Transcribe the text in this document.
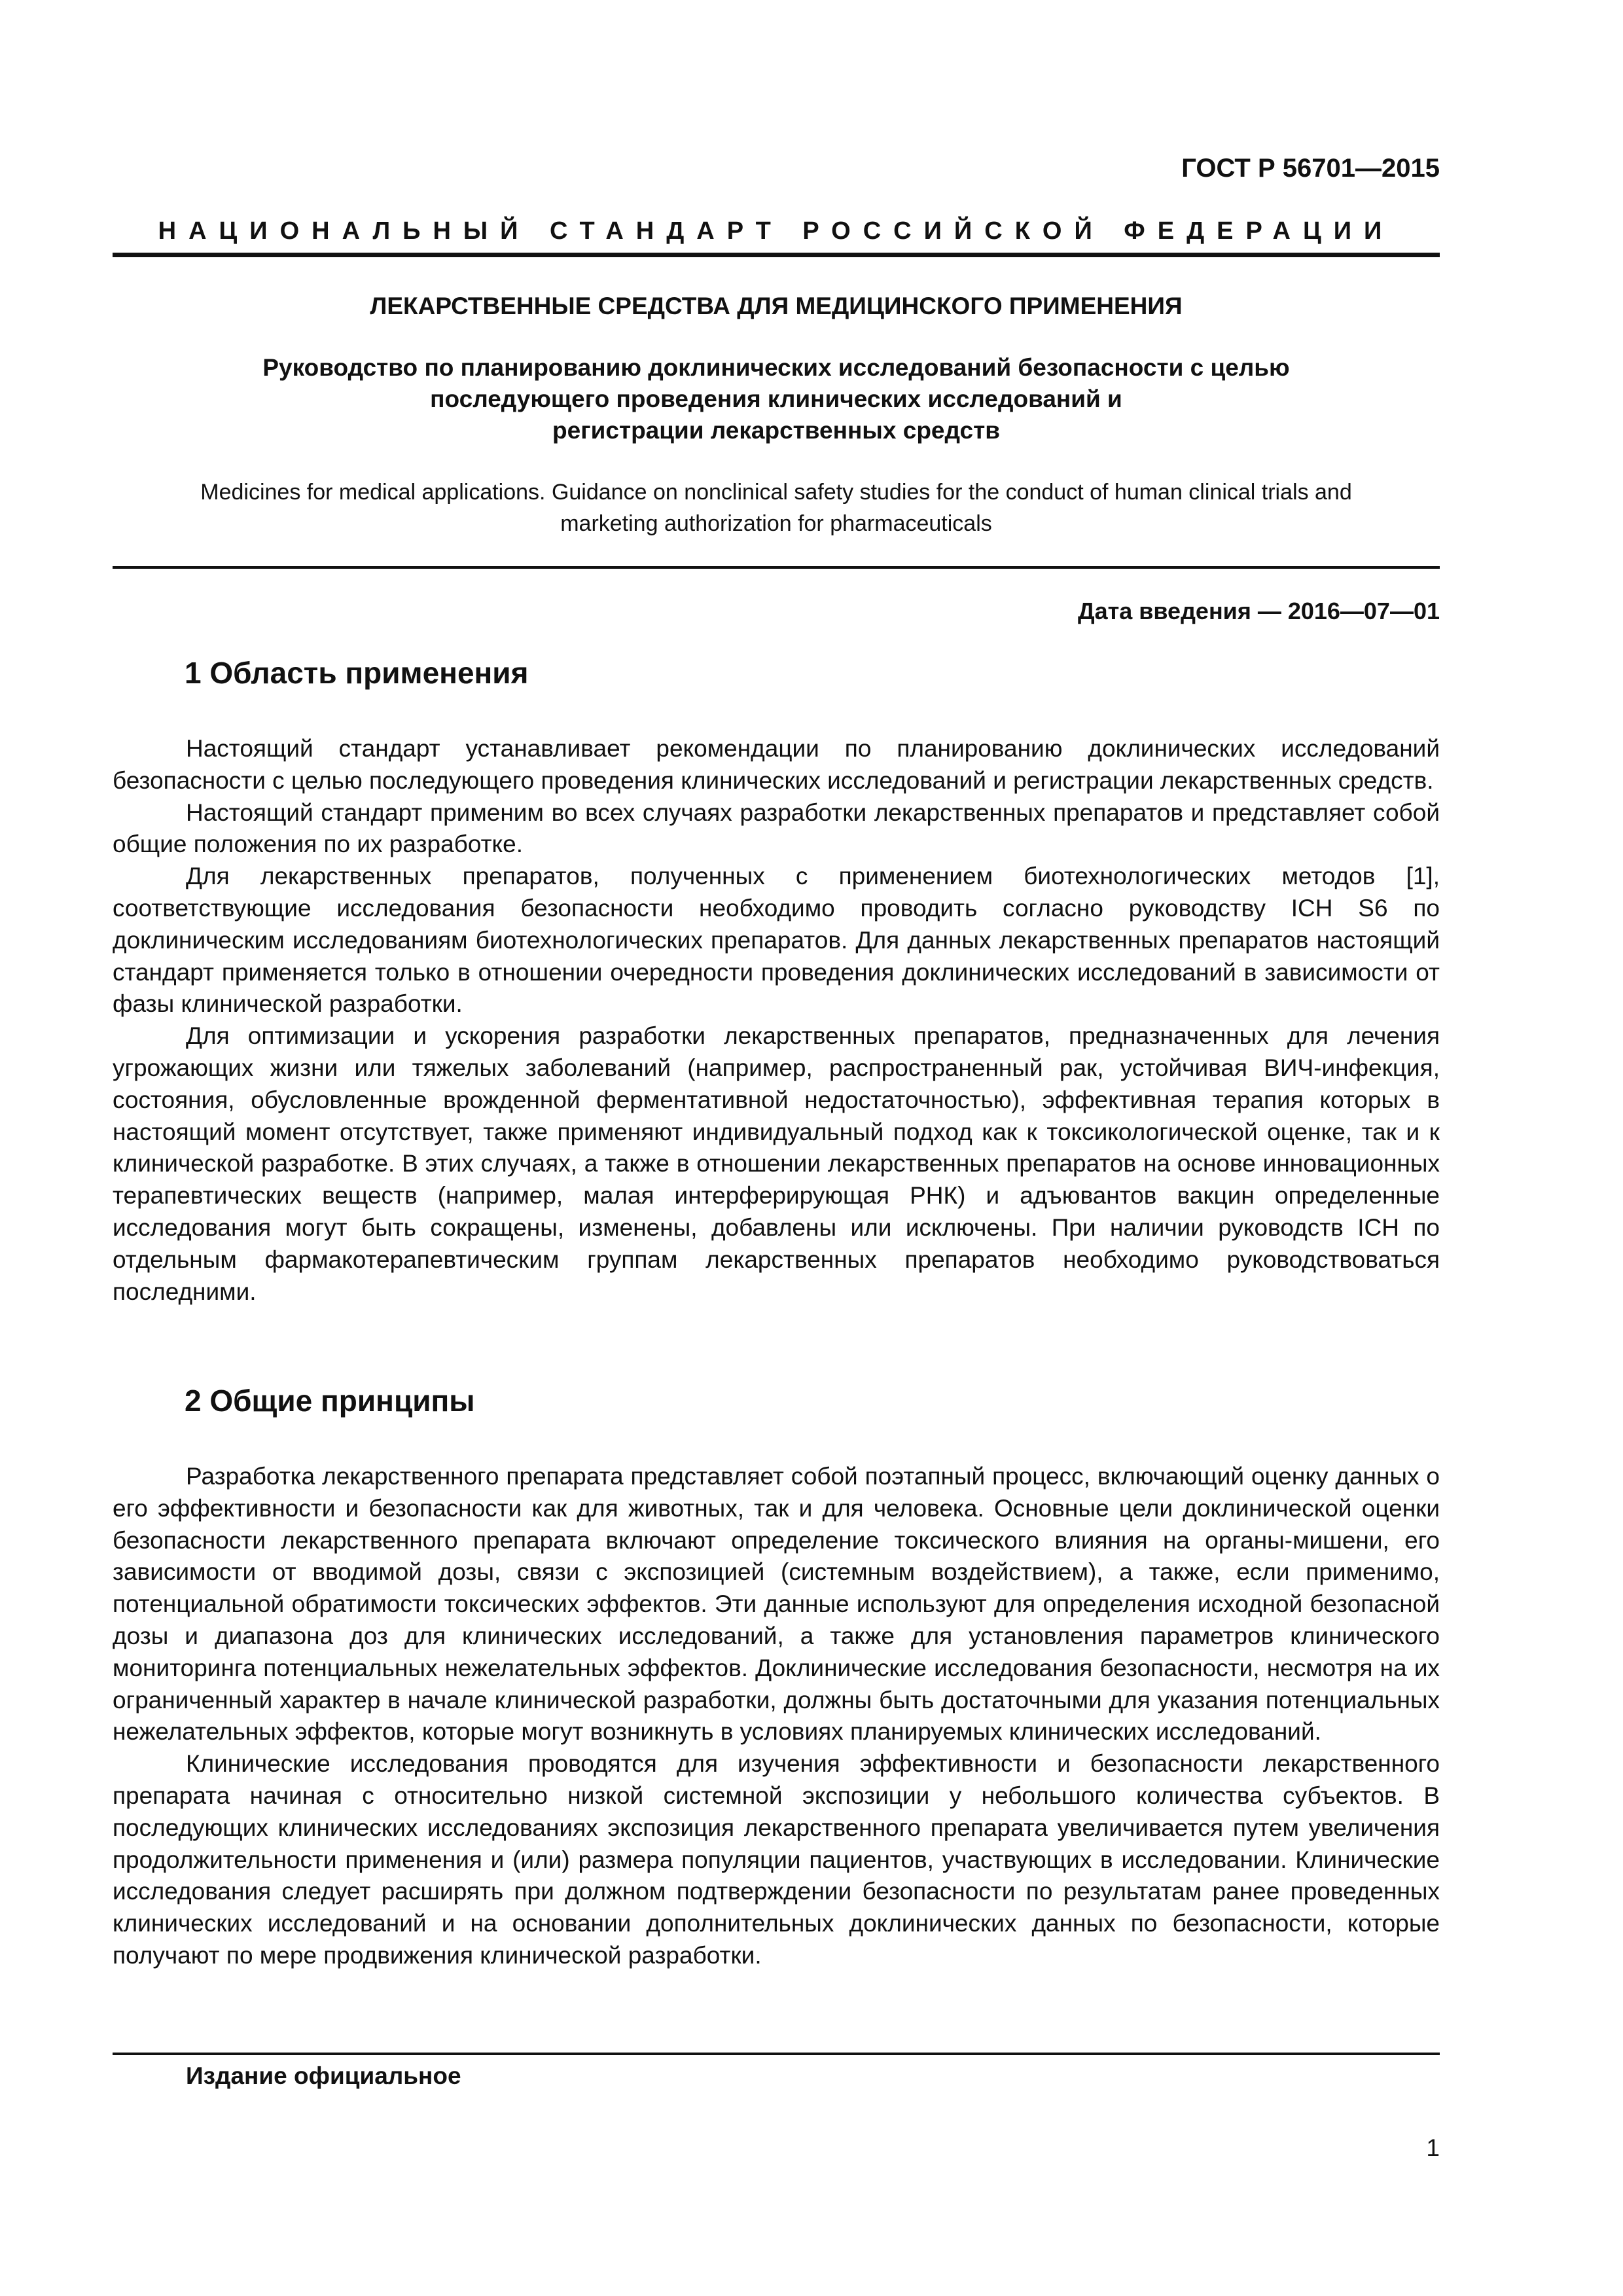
ГОСТ Р 56701—2015
НАЦИОНАЛЬНЫЙ СТАНДАРТ РОССИЙСКОЙ ФЕДЕРАЦИИ
ЛЕКАРСТВЕННЫЕ СРЕДСТВА ДЛЯ МЕДИЦИНСКОГО ПРИМЕНЕНИЯ
Руководство по планированию доклинических исследований безопасности с целью
последующего проведения клинических исследований и
регистрации лекарственных средств
Medicines for medical applications. Guidance on nonclinical safety studies for the conduct of human clinical trials and
marketing authorization for pharmaceuticals
Дата введения — 2016—07—01
1 Область применения

Настоящий стандарт устанавливает рекомендации по планированию доклинических исследований безопасности с целью последующего проведения клинических исследований и регистрации лекарственных средств.

Настоящий стандарт применим во всех случаях разработки лекарственных препаратов и представляет собой общие положения по их разработке.

Для лекарственных препаратов, полученных с применением биотехнологических методов [1], соответствующие исследования безопасности необходимо проводить согласно руководству ICH S6 по доклиническим исследованиям биотехнологических препаратов. Для данных лекарственных препаратов настоящий стандарт применяется только в отношении очередности проведения доклинических исследований в зависимости от фазы клинической разработки.

Для оптимизации и ускорения разработки лекарственных препаратов, предназначенных для лечения угрожающих жизни или тяжелых заболеваний (например, распространенный рак, устойчивая ВИЧ-инфекция, состояния, обусловленные врожденной ферментативной недостаточностью), эффективная терапия которых в настоящий момент отсутствует, также применяют индивидуальный подход как к токсикологической оценке, так и к клинической разработке. В этих случаях, а также в отношении лекарственных препаратов на основе инновационных терапевтических веществ (например, малая интерферирующая РНК) и адъювантов вакцин определенные исследования могут быть сокращены, изменены, добавлены или исключены. При наличии руководств ICH по отдельным фармакотерапевтическим группам лекарственных препаратов необходимо руководствоваться последними.

2 Общие принципы

Разработка лекарственного препарата представляет собой поэтапный процесс, включающий оценку данных о его эффективности и безопасности как для животных, так и для человека. Основные цели доклинической оценки безопасности лекарственного препарата включают определение токсического влияния на органы-мишени, его зависимости от вводимой дозы, связи с экспозицией (системным воздействием), а также, если применимо, потенциальной обратимости токсических эффектов. Эти данные используют для определения исходной безопасной дозы и диапазона доз для клинических исследований, а также для установления параметров клинического мониторинга потенциальных нежелательных эффектов. Доклинические исследования безопасности, несмотря на их ограниченный характер в начале клинической разработки, должны быть достаточными для указания потенциальных нежелательных эффектов, которые могут возникнуть в условиях планируемых клинических исследований.

Клинические исследования проводятся для изучения эффективности и безопасности лекарственного препарата начиная с относительно низкой системной экспозиции у небольшого количества субъектов. В последующих клинических исследованиях экспозиция лекарственного препарата увеличивается путем увеличения продолжительности применения и (или) размера популяции пациентов, участвующих в исследовании. Клинические исследования следует расширять при должном подтверждении безопасности по результатам ранее проведенных клинических исследований и на основании дополнительных доклинических данных по безопасности, которые получают по мере продвижения клинической разработки.

Издание официальное
1
